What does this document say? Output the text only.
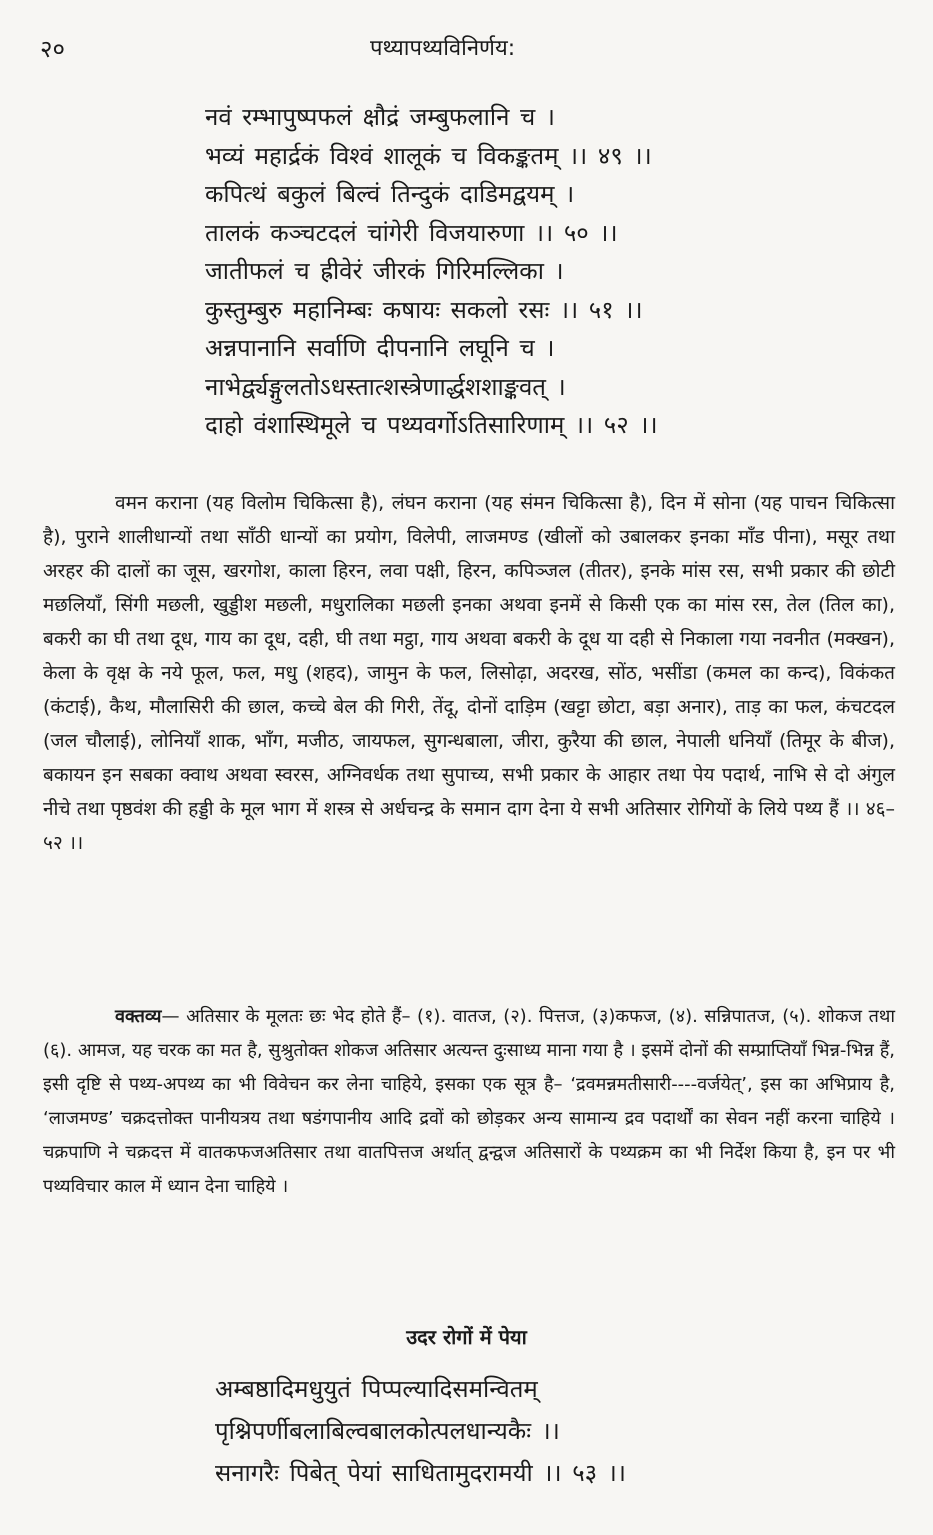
२०	पथ्यापथ्यविनिर्णय:
नवं रम्भापुष्पफलं क्षौद्रं जम्बुफलानि च ।
भव्यं महार्द्रकं विश्वं शालूकं च विकङ्कतम् ।। ४९ ।।
कपित्थं बकुलं बिल्वं तिन्दुकं दाडिमद्वयम् ।
तालकं कञ्चटदलं चांगेरी विजयारुणा ।। ५० ।।
जातीफलं च ह्रीवेरं जीरकं गिरिमल्लिका ।
कुस्तुम्बुरु महानिम्बः कषायः सकलो रसः ।। ५१ ।।
अन्नपानानि सर्वाणि दीपनानि लघूनि च ।
नाभेर्द्व्यङ्गुलतोऽधस्तात्शस्त्रेणार्द्धशशाङ्कवत् ।
दाहो वंशास्थिमूले च पथ्यवर्गोऽतिसारिणाम् ।। ५२ ।।
वमन कराना (यह विलोम चिकित्सा है), लंघन कराना (यह संमन चिकित्सा है), दिन में सोना (यह पाचन चिकित्सा है), पुराने शालीधान्यों तथा साँठी धान्यों का प्रयोग, विलेपी, लाजमण्ड (खीलों को उबालकर इनका माँड पीना), मसूर तथा अरहर की दालों का जूस, खरगोश, काला हिरन, लवा पक्षी, हिरन, कपिञ्जल (तीतर), इनके मांस रस, सभी प्रकार की छोटी मछलियाँ, सिंगी मछली, खुड्डीश मछली, मधुरालिका मछली इनका अथवा इनमें से किसी एक का मांस रस, तेल (तिल का), बकरी का घी तथा दूध, गाय का दूध, दही, घी तथा मट्ठा, गाय अथवा बकरी के दूध या दही से निकाला गया नवनीत (मक्खन), केला के वृक्ष के नये फूल, फल, मधु (शहद), जामुन के फल, लिसोढ़ा, अदरख, सोंठ, भसींडा (कमल का कन्द), विकंकत (कंटाई), कैथ, मौलासिरी की छाल, कच्चे बेल की गिरी, तेंदू, दोनों दाड़िम (खट्टा छोटा, बड़ा अनार), ताड़ का फल, कंचटदल (जल चौलाई), लोनियाँ शाक, भाँग, मजीठ, जायफल, सुगन्धबाला, जीरा, कुरैया की छाल, नेपाली धनियाँ (तिमूर के बीज), बकायन इन सबका क्वाथ अथवा स्वरस, अग्निवर्धक तथा सुपाच्य, सभी प्रकार के आहार तथा पेय पदार्थ, नाभि से दो अंगुल नीचे तथा पृष्ठवंश की हड्डी के मूल भाग में शस्त्र से अर्धचन्द्र के समान दाग देना ये सभी अतिसार रोगियों के लिये पथ्य हैं ।। ४६–५२ ।।
वक्तव्य— अतिसार के मूलतः छः भेद होते हैं– (१). वातज, (२). पित्तज, (३)कफज, (४). सन्निपातज, (५). शोकज तथा (६). आमज, यह चरक का मत है, सुश्रुतोक्त शोकज अतिसार अत्यन्त दुःसाध्य माना गया है । इसमें दोनों की सम्प्राप्तियाँ भिन्न-भिन्न हैं, इसी दृष्टि से पथ्य-अपथ्य का भी विवेचन कर लेना चाहिये, इसका एक सूत्र है– ‘द्रवमन्नमतीसारी----वर्जयेत्’, इस का अभिप्राय है, ‘लाजमण्ड’ चक्रदत्तोक्त पानीयत्रय तथा षडंगपानीय आदि द्रवों को छोड़कर अन्य सामान्य द्रव पदार्थों का सेवन नहीं करना चाहिये । चक्रपाणि ने चक्रदत्त में वातकफजअतिसार तथा वातपित्तज अर्थात् द्वन्द्वज अतिसारों के पथ्यक्रम का भी निर्देश किया है, इन पर भी पथ्यविचार काल में ध्यान देना चाहिये ।
उदर रोगों में पेया
अम्बष्ठादिमधुयुतं पिप्पल्यादिसमन्वितम्
पृश्निपर्णीबलाबिल्वबालकोत्पलधान्यकैः ।।
सनागरैः पिबेत् पेयां साधितामुदरामयी ।। ५३ ।।
